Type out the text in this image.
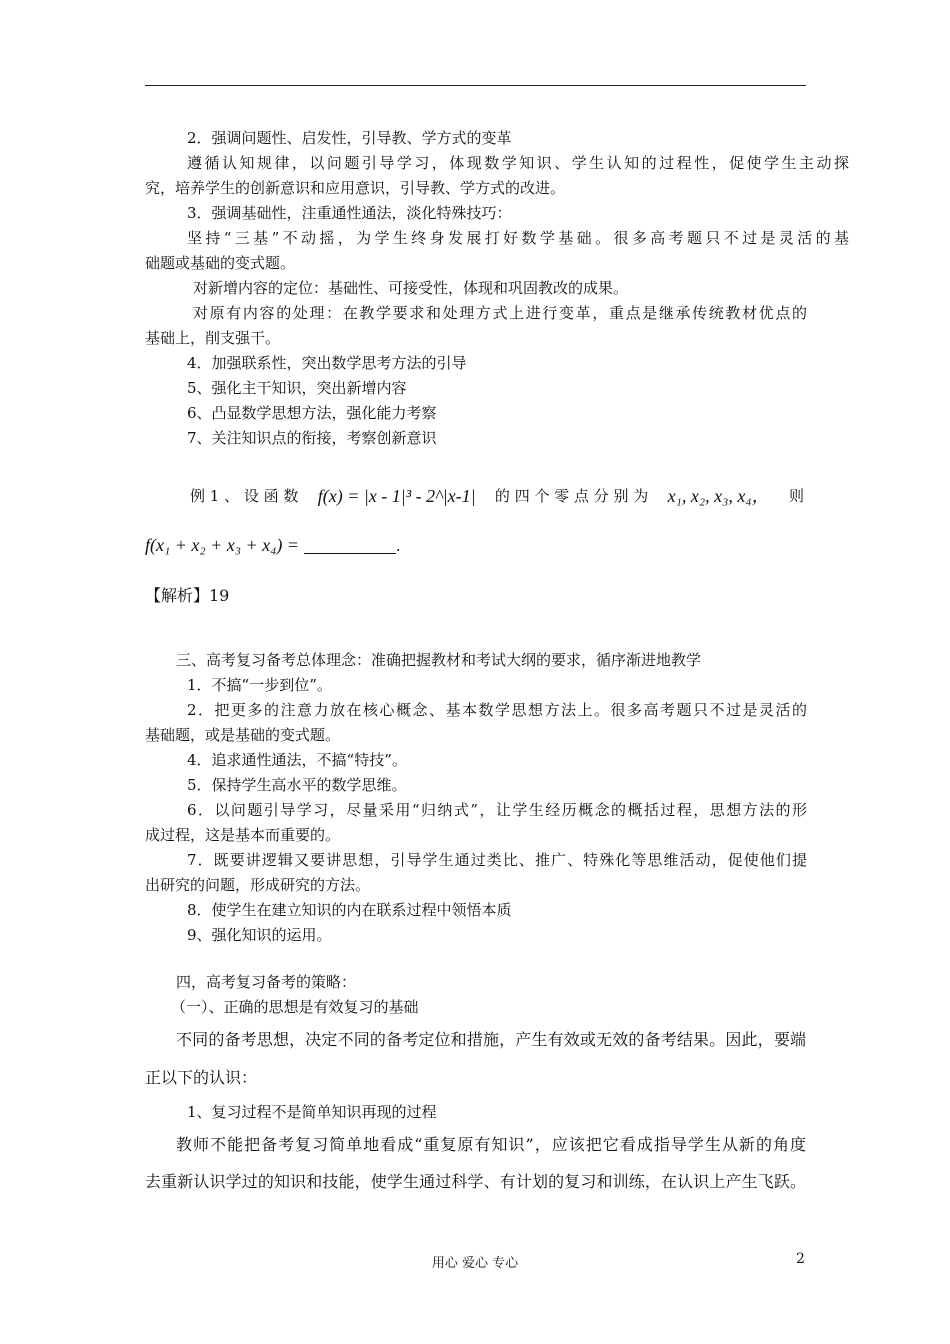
2．强调问题性、启发性，引导教、学方式的变革
遵循认知规律，以问题引导学习，体现数学知识、学生认知的过程性，促使学生主动探
究，培养学生的创新意识和应用意识，引导教、学方式的改进。
3．强调基础性，注重通性通法，淡化特殊技巧：
坚持“三基”不动摇，为学生终身发展打好数学基础。很多高考题只不过是灵活的基
础题或基础的变式题。
对新增内容的定位：基础性、可接受性，体现和巩固教改的成果。
对原有内容的处理：在教学要求和处理方式上进行变革，重点是继承传统教材优点的
基础上，削支强干。
4．加强联系性，突出数学思考方法的引导
5、强化主干知识，突出新增内容
6、凸显数学思想方法，强化能力考察
7、关注知识点的衔接，考察创新意识
例 1 、 设 函 数 f(x) = |x - 1|³ - 2^|x-1| 的 四 个 零 点 分 别 为 x₁, x₂, x₃, x₄， 则
f(x₁ + x₂ + x₃ + x₄) =	.
【解析】19
三、高考复习备考总体理念：准确把握教材和考试大纲的要求，循序渐进地教学
1．不搞“一步到位”。
2．把更多的注意力放在核心概念、基本数学思想方法上。很多高考题只不过是灵活的
基础题，或是基础的变式题。
4．追求通性通法，不搞“特技”。
5．保持学生高水平的数学思维。
6．以问题引导学习，尽量采用“归纳式”，让学生经历概念的概括过程，思想方法的形
成过程，这是基本而重要的。
7．既要讲逻辑又要讲思想，引导学生通过类比、推广、特殊化等思维活动，促使他们提
出研究的问题，形成研究的方法。
8．使学生在建立知识的内在联系过程中领悟本质
9、强化知识的运用。
四，高考复习备考的策略：
（一）、正确的思想是有效复习的基础
不同的备考思想，决定不同的备考定位和措施，产生有效或无效的备考结果。因此，要端
正以下的认识：
1、复习过程不是简单知识再现的过程
教师不能把备考复习简单地看成“重复原有知识”，应该把它看成指导学生从新的角度
去重新认识学过的知识和技能，使学生通过科学、有计划的复习和训练，在认识上产生飞跃。
用心 爱心 专心	2
